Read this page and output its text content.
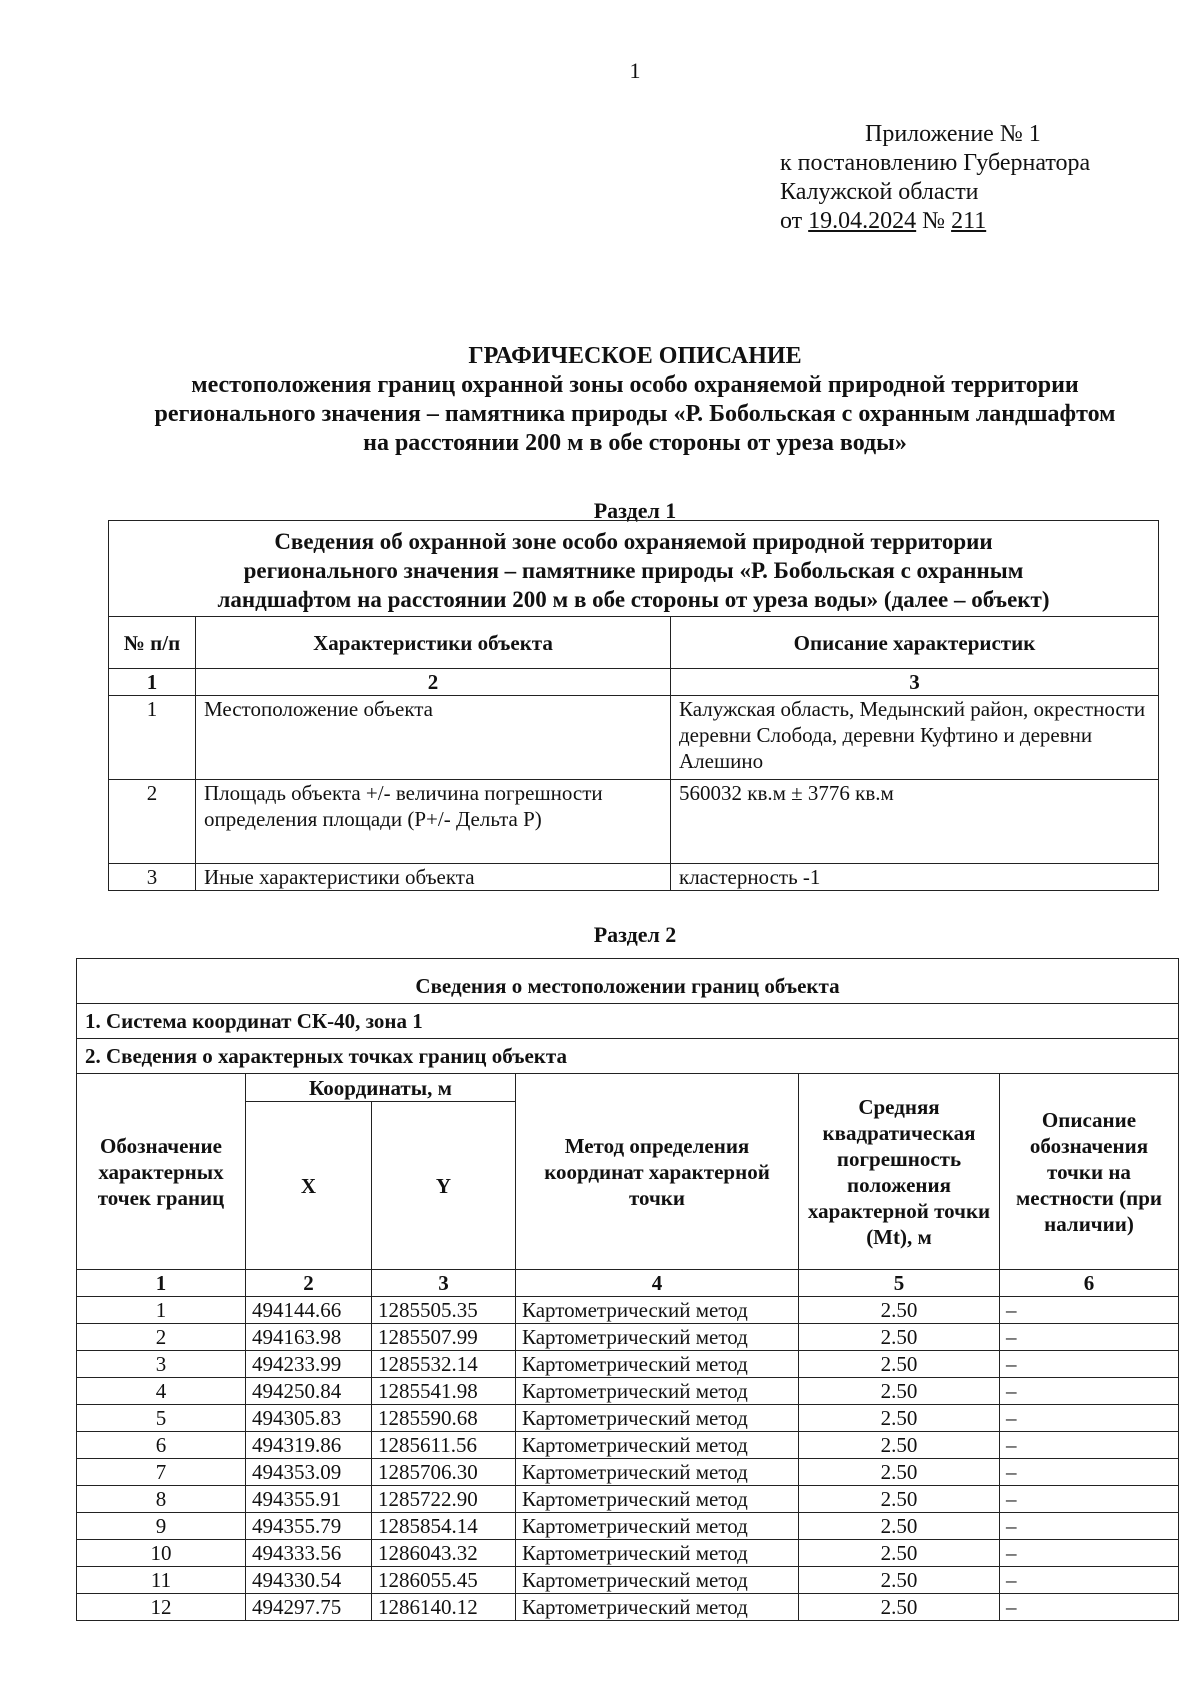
1
Приложение № 1
к постановлению Губернатора
Калужской области
от 19.04.2024 № 211
ГРАФИЧЕСКОЕ ОПИСАНИЕ
местоположения границ охранной зоны особо охраняемой природной территории
регионального значения – памятника природы «Р. Бобольская с охранным ландшафтом
на расстоянии 200 м в обе стороны от уреза воды»
Раздел 1
Сведения об охранной зоне особо охраняемой природной территории
регионального значения – памятнике природы «Р. Бобольская с охранным
ландшафтом на расстоянии 200 м в обе стороны от уреза воды» (далее – объект)		

№ п/п	Характеристики объекта	Описание характеристик
1	2	3
1	Местоположение объекта	Калужская область, Медынский район, окрестности деревни Слобода, деревни Куфтино и деревни Алешино
2	Площадь объекта +/- величина погрешности определения площади (Р+/- Дельта Р)	560032 кв.м ± 3776 кв.м
3	Иные характеристики объекта	кластерность -1
Раздел 2
Сведения о местоположении границ объекта					
1. Система координат СК-40, зона 1					
2. Сведения о характерных точках границ объекта					
Обозначение характерных точек границ	Координаты, м		Метод определения координат характерной точки	Средняя квадратическая погрешность положения характерной точки (Mt), м	Описание обозначения точки на местности (при наличии)
	X	Y			
1	2	3	4	5	6
1	494144.66	1285505.35	Картометрический метод	2.50	–
2	494163.98	1285507.99	Картометрический метод	2.50	–
3	494233.99	1285532.14	Картометрический метод	2.50	–
4	494250.84	1285541.98	Картометрический метод	2.50	–
5	494305.83	1285590.68	Картометрический метод	2.50	–
6	494319.86	1285611.56	Картометрический метод	2.50	–
7	494353.09	1285706.30	Картометрический метод	2.50	–
8	494355.91	1285722.90	Картометрический метод	2.50	–
9	494355.79	1285854.14	Картометрический метод	2.50	–
10	494333.56	1286043.32	Картометрический метод	2.50	–
11	494330.54	1286055.45	Картометрический метод	2.50	–
12	494297.75	1286140.12	Картометрический метод	2.50	–
